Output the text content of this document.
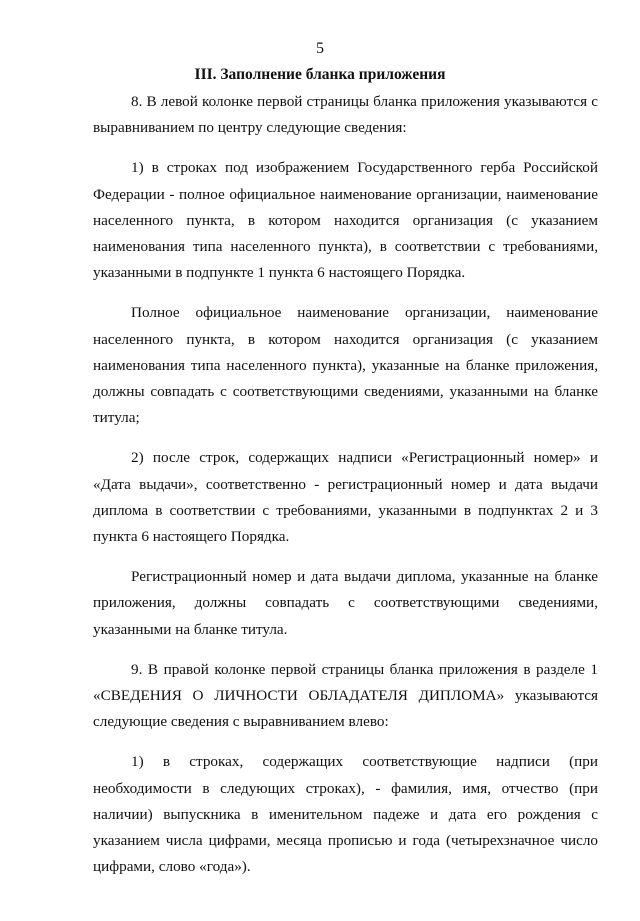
5
III. Заполнение бланка приложения

8. В левой колонке первой страницы бланка приложения указываются с выравниванием по центру следующие сведения:

1) в строках под изображением Государственного герба Российской Федерации - полное официальное наименование организации, наименование населенного пункта, в котором находится организация (с указанием наименования типа населенного пункта), в соответствии с требованиями, указанными в подпункте 1 пункта 6 настоящего Порядка.

Полное официальное наименование организации, наименование населенного пункта, в котором находится организация (с указанием наименования типа населенного пункта), указанные на бланке приложения, должны совпадать с соответствующими сведениями, указанными на бланке титула;

2) после строк, содержащих надписи «Регистрационный номер» и «Дата выдачи», соответственно - регистрационный номер и дата выдачи диплома в соответствии с требованиями, указанными в подпунктах 2 и 3 пункта 6 настоящего Порядка.

Регистрационный номер и дата выдачи диплома, указанные на бланке приложения, должны совпадать с соответствующими сведениями, указанными на бланке титула.

9. В правой колонке первой страницы бланка приложения в разделе 1 «СВЕДЕНИЯ О ЛИЧНОСТИ ОБЛАДАТЕЛЯ ДИПЛОМА» указываются следующие сведения с выравниванием влево:

1) в строках, содержащих соответствующие надписи (при необходимости в следующих строках), - фамилия, имя, отчество (при наличии) выпускника в именительном падеже и дата его рождения с указанием числа цифрами, месяца прописью и года (четырехзначное число цифрами, слово «года»).
